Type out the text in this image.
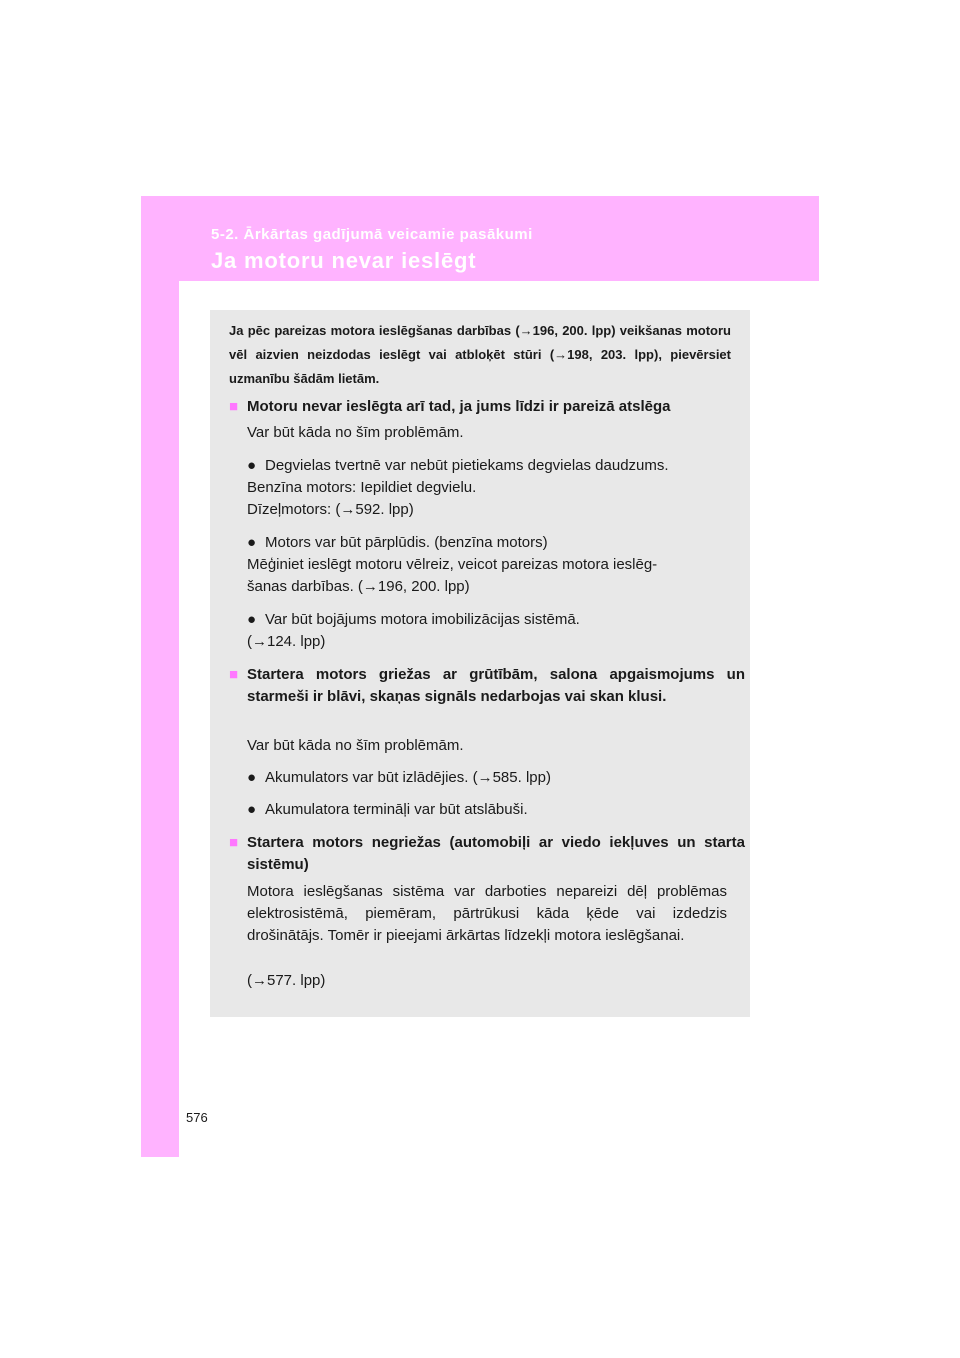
5-2. Ārkārtas gadījumā veicamie pasākumi
Ja motoru nevar ieslēgt
Ja pēc pareizas motora ieslēgšanas darbības (→196, 200. lpp) veikšanas motoru vēl aizvien neizdodas ieslēgt vai atbloķēt stūri (→198, 203. lpp), pievērsiet uzmanību šādām lietām.
■ Motoru nevar ieslēgta arī tad, ja jums līdzi ir pareizā atslēga
Var būt kāda no šīm problēmām.
● Degvielas tvertnē var nebūt pietiekams degvielas daudzums.
Benzīna motors: Iepildiet degvielu.
Dīzeļmotors: (→592. lpp)
● Motors var būt pārplūdis. (benzīna motors)
Mēģiniet ieslēgt motoru vēlreiz, veicot pareizas motora ieslēg-
šanas darbības. (→196, 200. lpp)
● Var būt bojājums motora imobilizācijas sistēmā.
(→124. lpp)
■ Startera motors griežas ar grūtībām, salona apgaismojums un starmeši ir blāvi, skaņas signāls nedarbojas vai skan klusi.
Var būt kāda no šīm problēmām.
● Akumulators var būt izlādējies. (→585. lpp)
● Akumulatora termināļi var būt atslābuši.
■ Startera motors negriežas (automobiļi ar viedo iekļuves un starta sistēmu)
Motora ieslēgšanas sistēma var darboties nepareizi dēļ problēmas elektrosistēmā, piemēram, pārtrūkusi kāda ķēde vai izdedzis drošinātājs. Tomēr ir pieejami ārkārtas līdzekļi motora ieslēgšanai.
(→577. lpp)
576
